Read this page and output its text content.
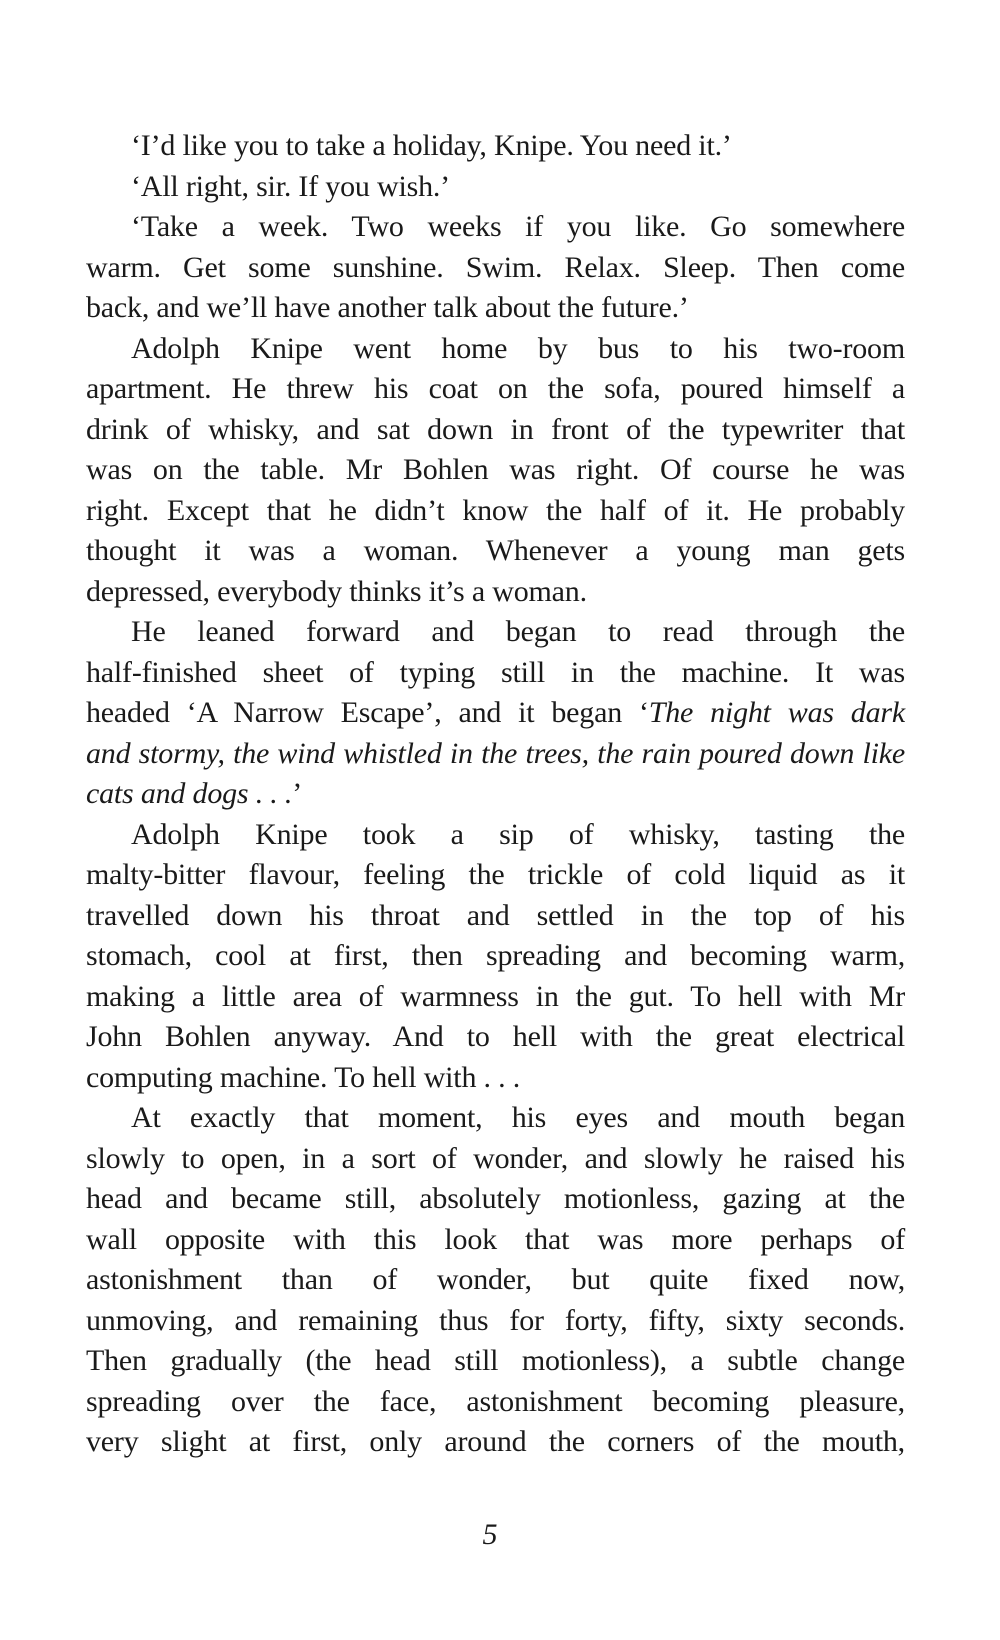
‘I’d like you to take a holiday, Knipe. You need it.’
‘All right, sir. If you wish.’
‘Take a week. Two weeks if you like. Go somewhere
warm. Get some sunshine. Swim. Relax. Sleep. Then come
back, and we’ll have another talk about the future.’
Adolph Knipe went home by bus to his two-room
apartment. He threw his coat on the sofa, poured himself a
drink of whisky, and sat down in front of the typewriter that
was on the table. Mr Bohlen was right. Of course he was
right. Except that he didn’t know the half of it. He probably
thought it was a woman. Whenever a young man gets
depressed, everybody thinks it’s a woman.
He leaned forward and began to read through the
half-finished sheet of typing still in the machine. It was
headed ‘A Narrow Escape’, and it began ‘The night was dark
and stormy, the wind whistled in the trees, the rain poured down like
cats and dogs . . .’
Adolph Knipe took a sip of whisky, tasting the
malty-bitter flavour, feeling the trickle of cold liquid as it
travelled down his throat and settled in the top of his
stomach, cool at first, then spreading and becoming warm,
making a little area of warmness in the gut. To hell with Mr
John Bohlen anyway. And to hell with the great electrical
computing machine. To hell with . . .
At exactly that moment, his eyes and mouth began
slowly to open, in a sort of wonder, and slowly he raised his
head and became still, absolutely motionless, gazing at the
wall opposite with this look that was more perhaps of
astonishment than of wonder, but quite fixed now,
unmoving, and remaining thus for forty, fifty, sixty seconds.
Then gradually (the head still motionless), a subtle change
spreading over the face, astonishment becoming pleasure,
very slight at first, only around the corners of the mouth,
5
